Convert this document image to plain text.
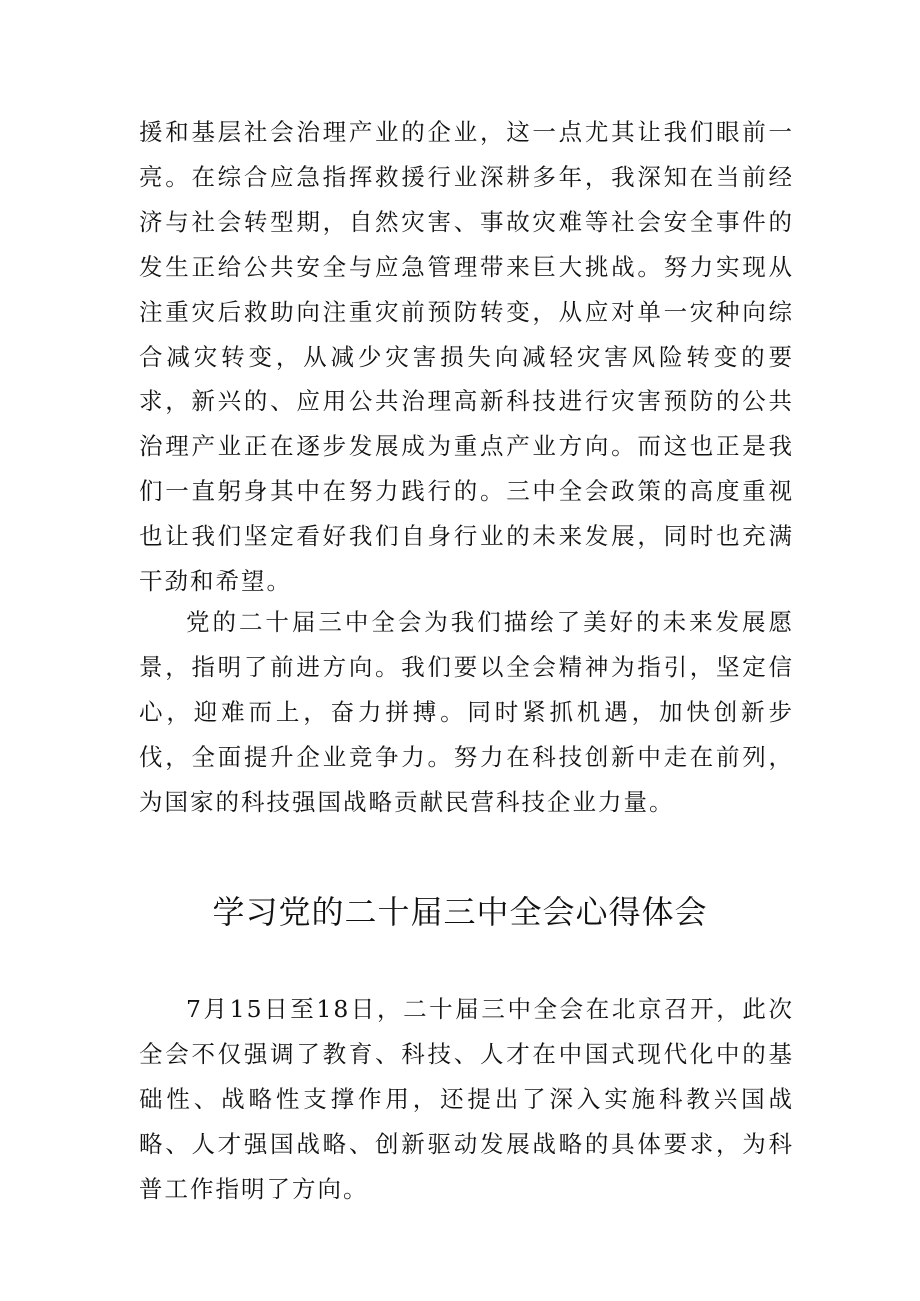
援和基层社会治理产业的企业，这一点尤其让我们眼前一亮。在综合应急指挥救援行业深耕多年，我深知在当前经济与社会转型期，自然灾害、事故灾难等社会安全事件的发生正给公共安全与应急管理带来巨大挑战。努力实现从注重灾后救助向注重灾前预防转变，从应对单一灾种向综合减灾转变，从减少灾害损失向减轻灾害风险转变的要求，新兴的、应用公共治理高新科技进行灾害预防的公共治理产业正在逐步发展成为重点产业方向。而这也正是我们一直躬身其中在努力践行的。三中全会政策的高度重视也让我们坚定看好我们自身行业的未来发展，同时也充满干劲和希望。

党的二十届三中全会为我们描绘了美好的未来发展愿景，指明了前进方向。我们要以全会精神为指引，坚定信心，迎难而上，奋力拼搏。同时紧抓机遇，加快创新步伐，全面提升企业竞争力。努力在科技创新中走在前列，为国家的科技强国战略贡献民营科技企业力量。

学习党的二十届三中全会心得体会

7月15日至18日，二十届三中全会在北京召开，此次全会不仅强调了教育、科技、人才在中国式现代化中的基础性、战略性支撑作用，还提出了深入实施科教兴国战略、人才强国战略、创新驱动发展战略的具体要求，为科普工作指明了方向。
